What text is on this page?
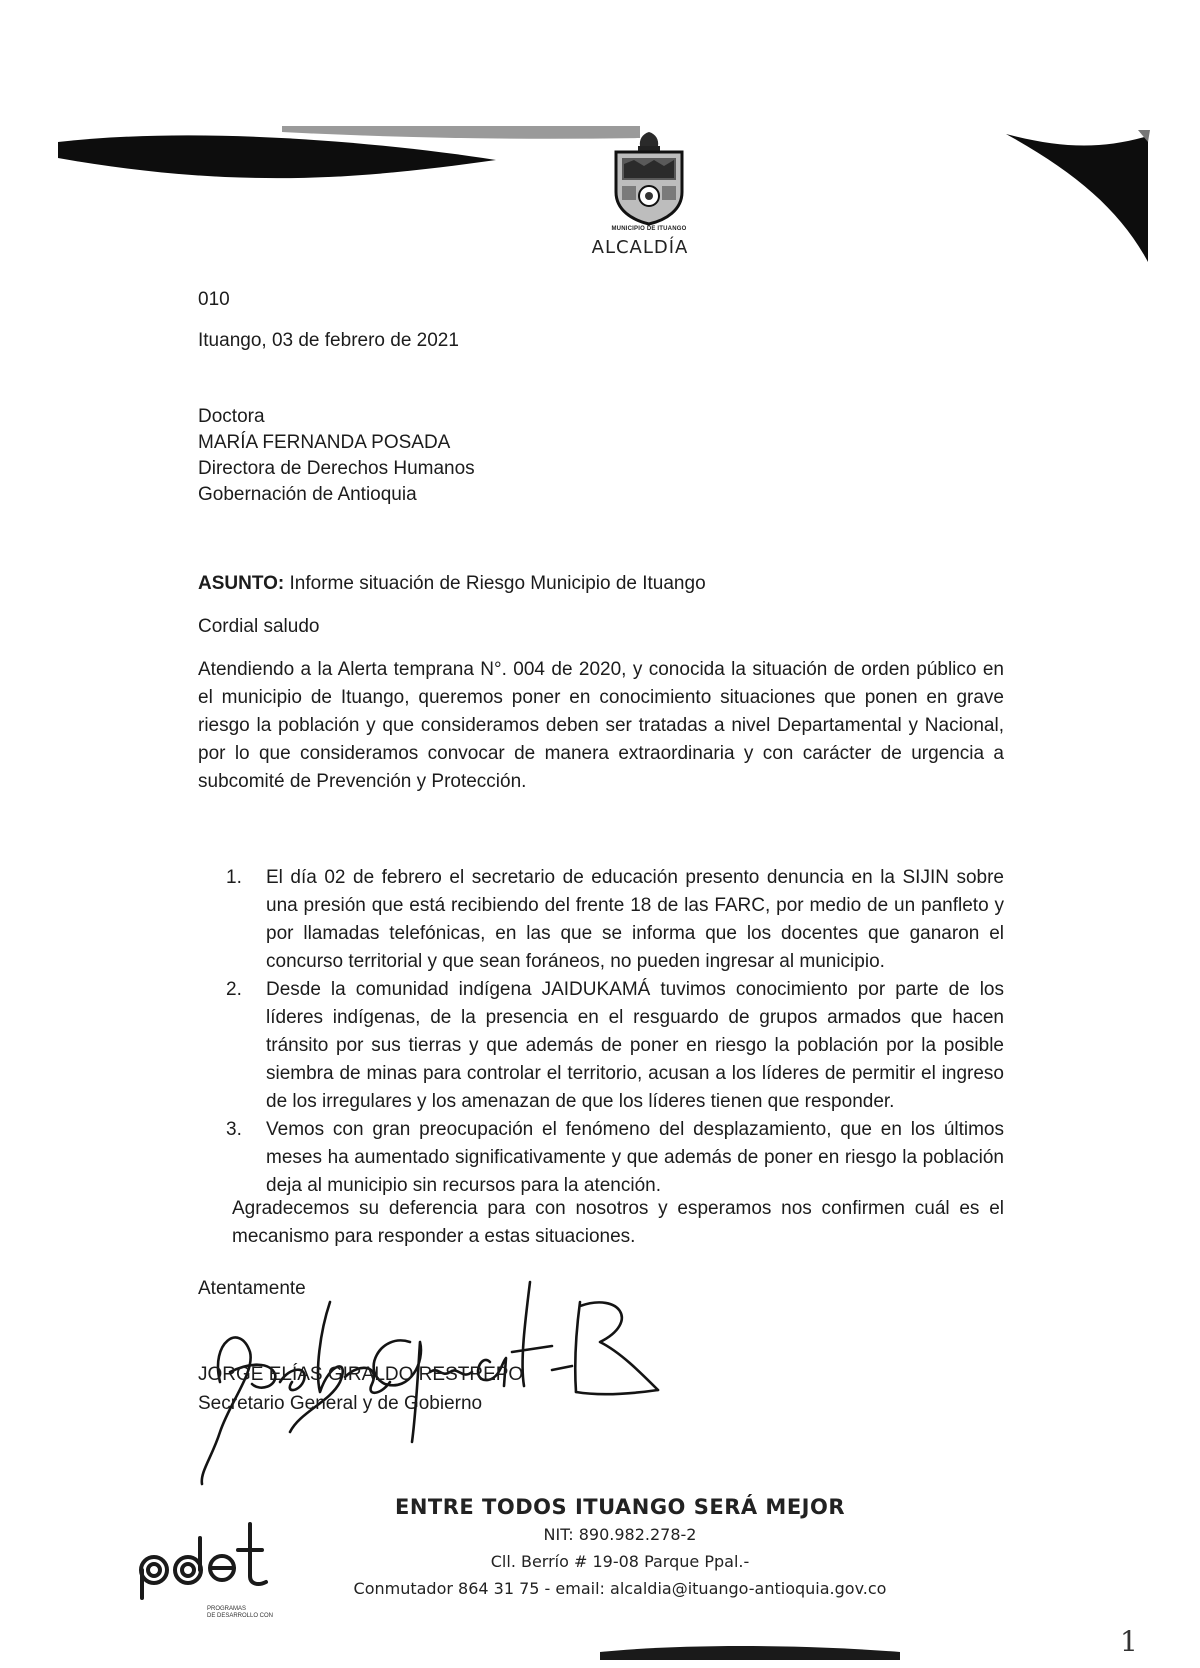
MUNICIPIO DE ITUANGO
ALCALDÍA
010
Ituango, 03 de febrero de 2021
Doctora
MARÍA FERNANDA POSADA
Directora de Derechos Humanos
Gobernación de Antioquia
ASUNTO: Informe situación de Riesgo Municipio de Ituango
Cordial saludo
Atendiendo a la Alerta temprana N°. 004 de 2020, y conocida la situación de orden público en el municipio de Ituango, queremos poner en conocimiento situaciones que ponen en grave riesgo la población y que consideramos deben ser tratadas a nivel Departamental y Nacional, por lo que consideramos convocar de manera extraordinaria y con carácter de urgencia a subcomité de Prevención y Protección.
1. El día 02 de febrero el secretario de educación presento denuncia en la SIJIN sobre una presión que está recibiendo del frente 18 de las FARC, por medio de un panfleto y por llamadas telefónicas, en las que se informa que los docentes que ganaron el concurso territorial y que sean foráneos, no pueden ingresar al municipio.
2. Desde la comunidad indígena JAIDUKAMÁ tuvimos conocimiento por parte de los líderes indígenas, de la presencia en el resguardo de grupos armados que hacen tránsito por sus tierras y que además de poner en riesgo la población por la posible siembra de minas para controlar el territorio, acusan a los líderes de permitir el ingreso de los irregulares y los amenazan de que los líderes tienen que responder.
3. Vemos con gran preocupación el fenómeno del desplazamiento, que en los últimos meses ha aumentado significativamente y que además de poner en riesgo la población deja al municipio sin recursos para la atención.
Agradecemos su deferencia para con nosotros y esperamos nos confirmen cuál es el mecanismo para responder a estas situaciones.
Atentamente
JORGE ELÍAS GIRALDO RESTREPO
Secretario General y de Gobierno
ENTRE TODOS ITUANGO SERÁ MEJOR
NIT: 890.982.278-2
Cll. Berrío # 19-08 Parque Ppal.-
Conmutador 864 31 75 - email: alcaldia@ituango-antioquia.gov.co
PROGRAMAS
DE DESARROLLO CON
1
